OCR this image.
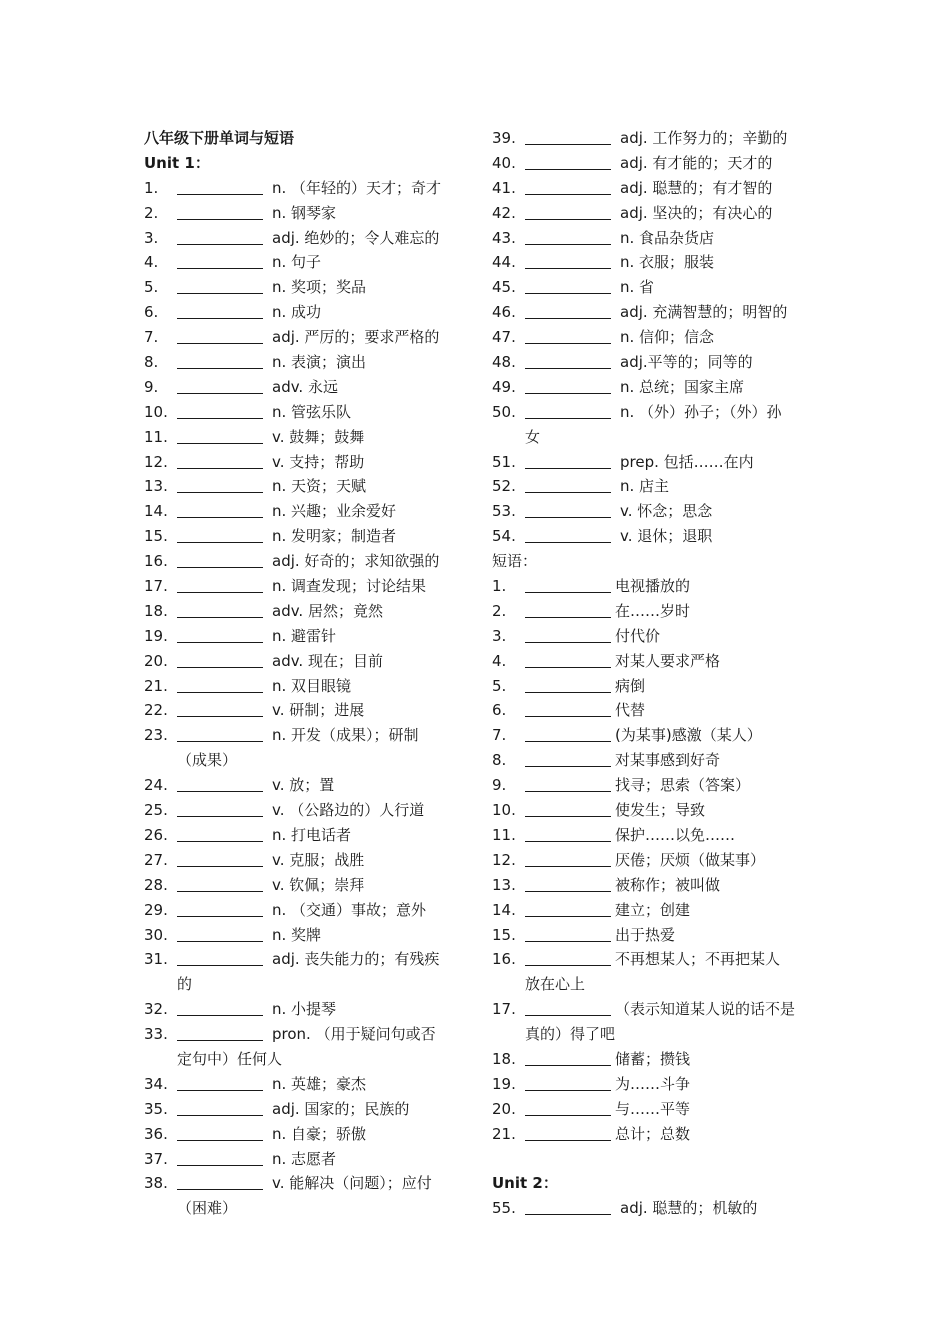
八年级下册单词与短语
Unit 1：
1.	n. （年轻的）天才；奇才
2.	n. 钢琴家
3.	adj. 绝妙的；令人难忘的
4.	n. 句子
5.	n. 奖项；奖品
6.	n. 成功
7.	adj. 严厉的；要求严格的
8.	n. 表演；演出
9.	adv. 永远
10.	n. 管弦乐队
11.	v. 鼓舞；鼓舞
12.	v. 支持；帮助
13.	n. 天资；天赋
14.	n. 兴趣；业余爱好
15.	n. 发明家；制造者
16.	adj. 好奇的；求知欲强的
17.	n. 调查发现；讨论结果
18.	adv. 居然；竟然
19.	n. 避雷针
20.	adv. 现在；目前
21.	n. 双目眼镜
22.	v. 研制；进展
23.	n. 开发（成果）；研制
（成果）
24.	v. 放；置
25.	v. （公路边的）人行道
26.	n. 打电话者
27.	v. 克服；战胜
28.	v. 钦佩；崇拜
29.	n. （交通）事故；意外
30.	n. 奖牌
31.	adj. 丧失能力的；有残疾
的
32.	n. 小提琴
33.	pron. （用于疑问句或否
定句中）任何人
34.	n. 英雄；豪杰
35.	adj. 国家的；民族的
36.	n. 自豪；骄傲
37.	n. 志愿者
38.	v. 能解决（问题）；应付
（困难）
39.	adj. 工作努力的；辛勤的
40.	adj. 有才能的；天才的
41.	adj. 聪慧的；有才智的
42.	adj. 坚决的；有决心的
43.	n. 食品杂货店
44.	n. 衣服；服装
45.	n. 省
46.	adj. 充满智慧的；明智的
47.	n. 信仰；信念
48.	adj.平等的；同等的
49.	n. 总统；国家主席
50.	n. （外）孙子；（外）孙
女
51.	prep. 包括……在内
52.	n. 店主
53.	v. 怀念；思念
54.	v. 退休；退职
短语：
1.	电视播放的
2.	在……岁时
3.	付代价
4.	对某人要求严格
5.	病倒
6.	代替
7.	(为某事)感激（某人）
8.	对某事感到好奇
9.	找寻；思索（答案）
10.	使发生；导致
11.	保护……以免……
12.	厌倦；厌烦（做某事）
13.	被称作；被叫做
14.	建立；创建
15.	出于热爱
16.	不再想某人；不再把某人
放在心上
17.	（表示知道某人说的话不是
真的）得了吧
18.	储蓄；攒钱
19.	为……斗争
20.	与……平等
21.	总计；总数
Unit 2：
55.	adj. 聪慧的；机敏的
